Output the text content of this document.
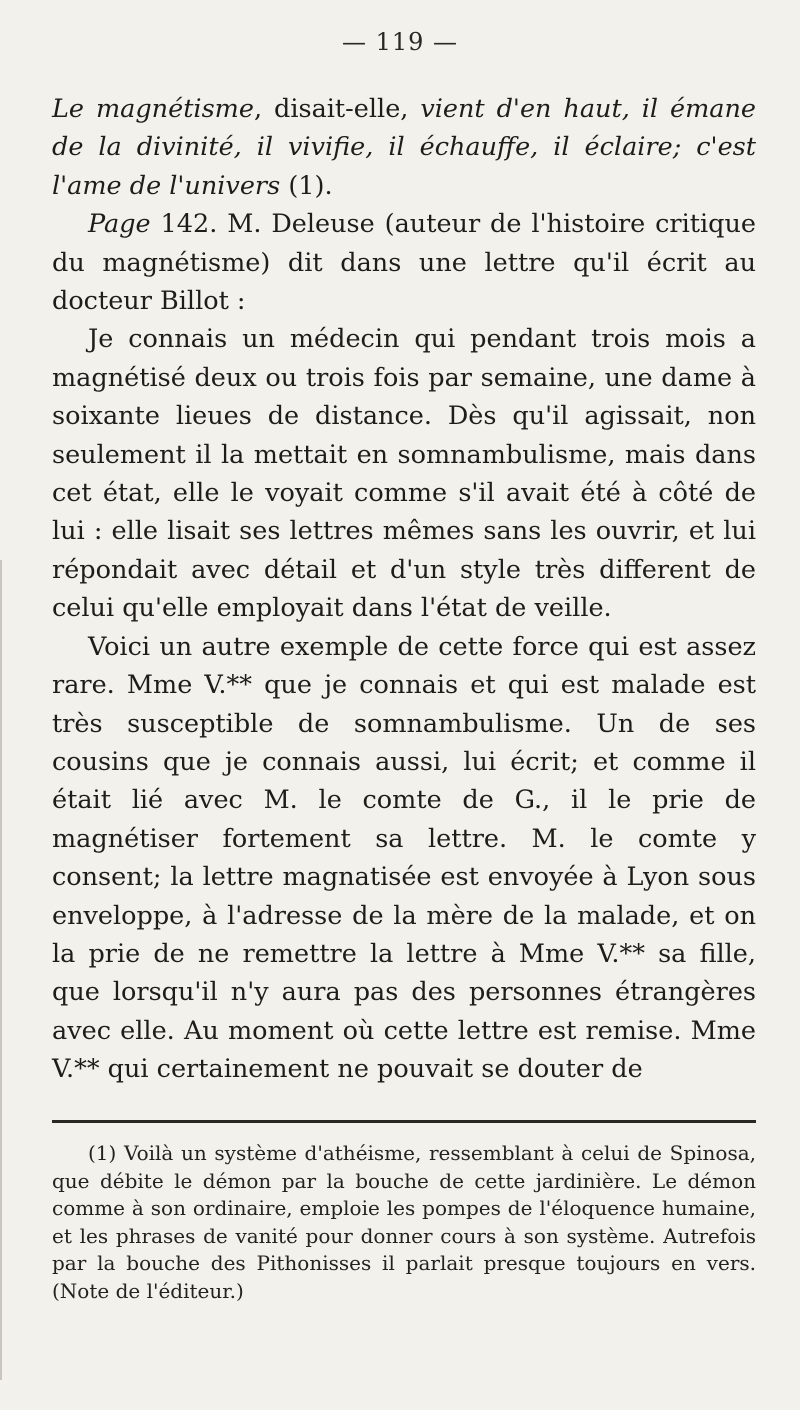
— 119 —

Le magnétisme, disait-elle, vient d'en haut, il émane de la divinité, il vivifie, il échauffe, il éclaire; c'est l'ame de l'univers (1).

Page 142. M. Deleuse (auteur de l'histoire critique du magnétisme) dit dans une lettre qu'il écrit au docteur Billot :

Je connais un médecin qui pendant trois mois a magnétisé deux ou trois fois par semaine, une dame à soixante lieues de distance. Dès qu'il agissait, non seulement il la mettait en somnambulisme, mais dans cet état, elle le voyait comme s'il avait été à côté de lui : elle lisait ses lettres mêmes sans les ouvrir, et lui répondait avec détail et d'un style très different de celui qu'elle employait dans l'état de veille.

Voici un autre exemple de cette force qui est assez rare. Mme V.** que je connais et qui est malade est très susceptible de somnambulisme. Un de ses cousins que je connais aussi, lui écrit; et comme il était lié avec M. le comte de G., il le prie de magnétiser fortement sa lettre. M. le comte y consent; la lettre magnatisée est envoyée à Lyon sous enveloppe, à l'adresse de la mère de la malade, et on la prie de ne remettre la lettre à Mme V.** sa fille, que lorsqu'il n'y aura pas des personnes étrangères avec elle. Au moment où cette lettre est remise. Mme V.** qui certainement ne pouvait se douter de

(1) Voilà un système d'athéisme, ressemblant à celui de Spinosa, que débite le démon par la bouche de cette jardinière. Le démon comme à son ordinaire, emploie les pompes de l'éloquence humaine, et les phrases de vanité pour donner cours à son système. Autrefois par la bouche des Pithonisses il parlait presque toujours en vers. (Note de l'éditeur.)
